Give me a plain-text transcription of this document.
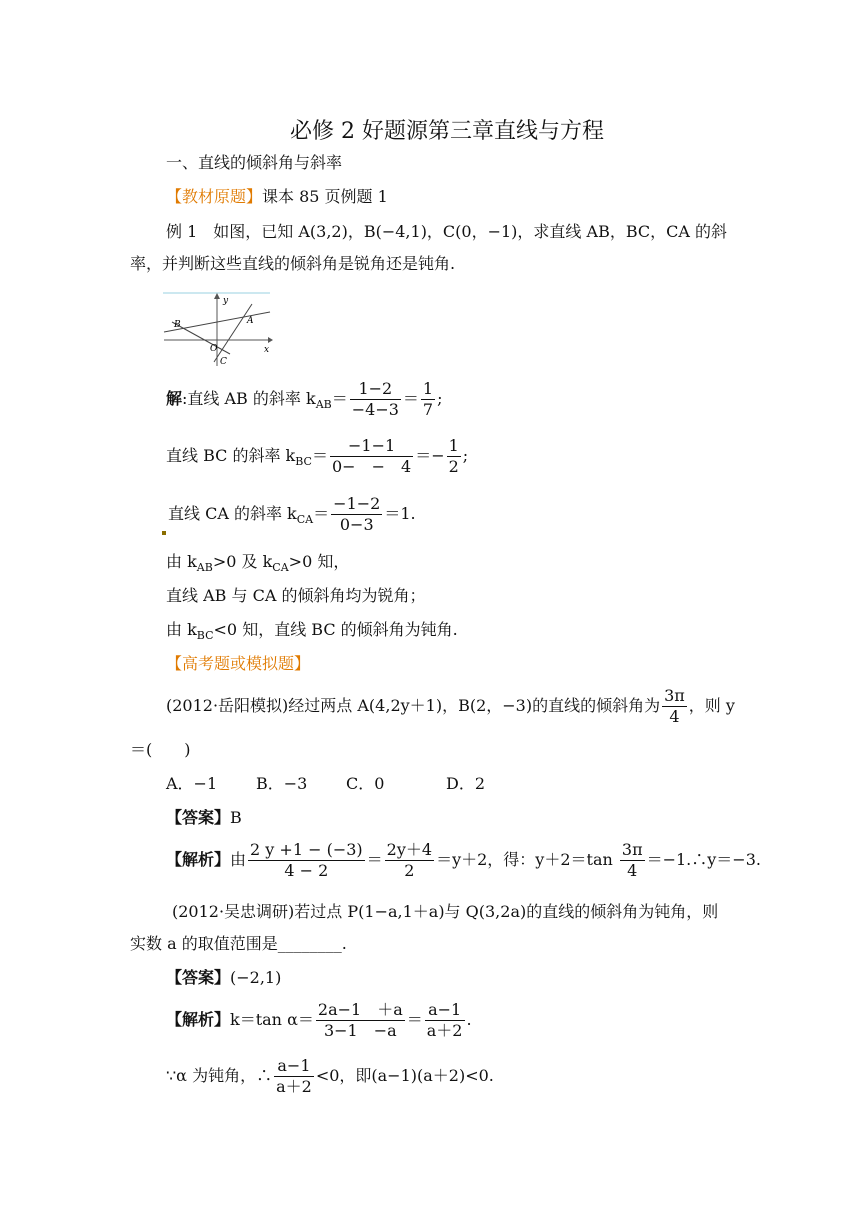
必修 2 好题源第三章直线与方程
一、直线的倾斜角与斜率
【教材原题】课本 85 页例题 1
例 1　如图，已知 A(3,2)，B(−4,1)，C(0，−1)，求直线 AB，BC，CA 的斜
率，并判断这些直线的倾斜角是锐角还是钝角.
y
x
A
B
O
C
解:直线 AB 的斜率 $k_{AB}= \frac{1-2}{-4-3} = \frac{1}{7}$ ;
直线 BC 的斜率 $k_{BC}= \frac{-1-1}{0- - 4} =- \frac{1}{2}$ ;
直线 CA 的斜率 $k_{CA}= \frac{-1-2}{0-3} =1$.
由 $k_{AB}>0$ 及 $k_{CA}>0$ 知，
直线 AB 与 CA 的倾斜角均为锐角；
由 $k_{BC}<0$ 知，直线 BC 的倾斜角为钝角.
【高考题或模拟题】
(2012·岳阳模拟)经过两点 A(4,2y＋1)，B(2，−3)的直线的倾斜角为 $\frac{3\pi}{4}$ ，则 y
＝(　　)
A．−1 B．−3 C．0	D．2
【答案】B
【解析】由 $\frac{2 y +1 - (-3)}{4 - 2} = \frac{2y+4}{2} =y+2$，得：$y+2=\tan \frac{3\pi}{4}$ ＝−1.∴y＝−3.
(2012·吴忠调研)若过点 P(1−a,1＋a)与 Q(3,2a)的直线的倾斜角为钝角，则
实数 a 的取值范围是________.
【答案】(−2,1)
【解析】k＝tan $\alpha= \frac{2a-1 +a}{3-1 -a} = \frac{a-1}{a+2}$ .
∵α 为钝角，∴ $\frac{a-1}{a+2} <0$，即(a−1)(a＋2)<0.
